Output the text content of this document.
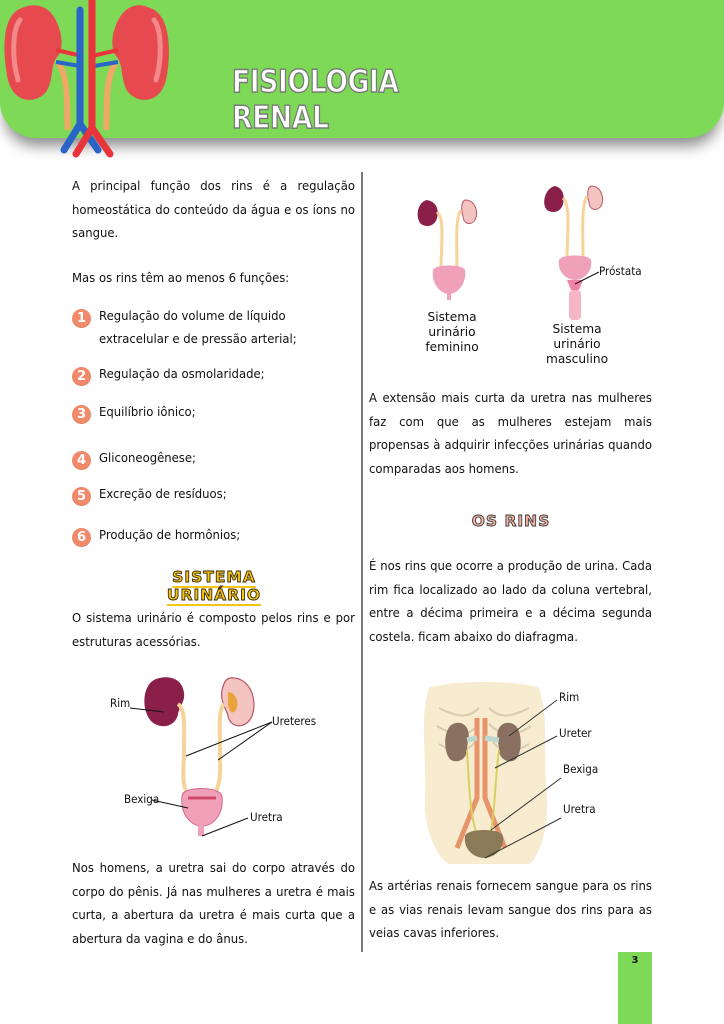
FISIOLOGIA RENAL

A principal função dos rins é a regulação homeostática do conteúdo da água e os íons no sangue.

Mas os rins têm ao menos 6 funções:

1	Regulação do volume de líquido extracelular e de pressão arterial;
2	Regulação da osmolaridade;
3	Equilíbrio iônico;
4	Gliconeogênese;
5	Excreção de resíduos;
6	Produção de hormônios;
SISTEMA URINÁRIO

O sistema urinário é composto pelos rins e por estruturas acessórias.

Rim
Ureteres
Bexiga
Uretra

Nos homens, a uretra sai do corpo através do corpo do pênis. Já nas mulheres a uretra é mais curta, a abertura da uretra é mais curta que a abertura da vagina e do ânus.

Próstata
Sistema urinário feminino
Sistema urinário masculino

A extensão mais curta da uretra nas mulheres faz com que as mulheres estejam mais propensas à adquirir infecções urinárias quando comparadas aos homens.

OS RINS

É nos rins que ocorre a produção de urina. Cada rim fica localizado ao lado da coluna vertebral, entre a décima primeira e a décima segunda costela. ficam abaixo do diafragma.

Rim
Ureter
Bexiga
Uretra

As artérias renais fornecem sangue para os rins e as vias renais levam sangue dos rins para as veias cavas inferiores.

3
